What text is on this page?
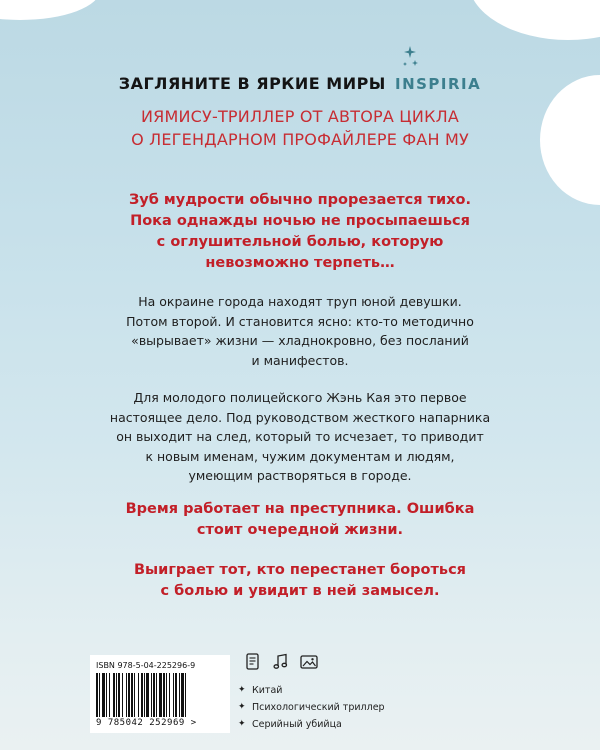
ЗАГЛЯНИТЕ В ЯРКИЕ МИРЫ INSPIRIA
ИЯМИСУ-ТРИЛЛЕР ОТ АВТОРА ЦИКЛА
О ЛЕГЕНДАРНОМ ПРОФАЙЛЕРЕ ФАН МУ
Зуб мудрости обычно прорезается тихо.
Пока однажды ночью не просыпаешься
с оглушительной болью, которую
невозможно терпеть…
На окраине города находят труп юной девушки.
Потом второй. И становится ясно: кто-то методично
«вырывает» жизни — хладнокровно, без посланий
и манифестов.
Для молодого полицейского Жэнь Кая это первое
настоящее дело. Под руководством жесткого напарника
он выходит на след, который то исчезает, то приводит
к новым именам, чужим документам и людям,
умеющим растворяться в городе.
Время работает на преступника. Ошибка
стоит очередной жизни.
Выиграет тот, кто перестанет бороться
с болью и увидит в ней замысел.
ISBN 978-5-04-225296-9
9 785042 252969 >
✦ Китай
✦ Психологический триллер
✦ Серийный убийца
